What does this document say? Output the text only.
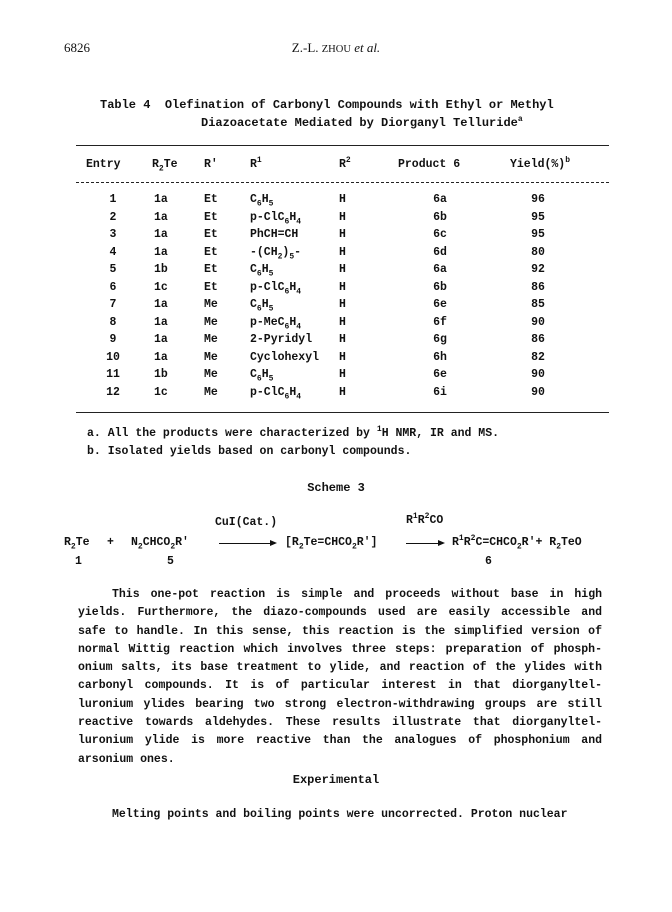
6826	Z.-L. ZHOU et al.
Table 4 Olefination of Carbonyl Compounds with Ethyl or Methyl
Diazoacetate Mediated by Diorganyl Telluride$^a$
Entry	$R_2Te$ R'	$R^1$	$R^2$	Product 6	Yield(%)$^b$
1	1a	Et	$C_6H_5$	H	6a	96
2	1a	Et	$p-ClC_6H_4$	H	6b	95
3	1a	Et	PhCH=CH	H	6c	95
4	1a	Et	$-(CH_2)_5-$	H	6d	80
5	1b	Et	$C_6H_5$	H	6a	92
6	1c	Et	$p-ClC_6H_4$	H	6b	86
7	1a	Me	$C_6H_5$	H	6e	85
8	1a	Me	$p-MeC_6H_4$	H	6f	90
9	1a	Me	2-Pyridyl H	6g	86
10	1a	Me	Cyclohexyl H	6h	82
11	1b	Me	$C_6H_5$	H	6e	90
12	1c	Me	$p-ClC_6H_4$	H	6i	90
a. All the products were characterized by $^1$H NMR, IR and MS.
b. Isolated yields based on carbonyl compounds.
Scheme 3
CuI(Cat.)	$R^1R^2CO$
$R_2Te$ + $N_2CHCO_2R'$	$[R_2Te=CHCO_2R']$	$R^1R^2C=CHCO_2R'+ R_2TeO$
1	5	6
This one-pot reaction is simple and proceeds without base in high
yields. Furthermore, the diazo-compounds used are easily accessible and
safe to handle. In this sense, this reaction is the simplified version of
normal Wittig reaction which involves three steps: preparation of phosph-
onium salts, its base treatment to ylide, and reaction of the ylides with
carbonyl compounds. It is of particular interest in that diorganyltel-
luronium ylides bearing two strong electron-withdrawing groups are still
reactive towards aldehydes. These results illustrate that diorganyltel-
luronium ylide is more reactive than the analogues of phosphonium and
arsonium ones.
Experimental
Melting points and boiling points were uncorrected. Proton nuclear
